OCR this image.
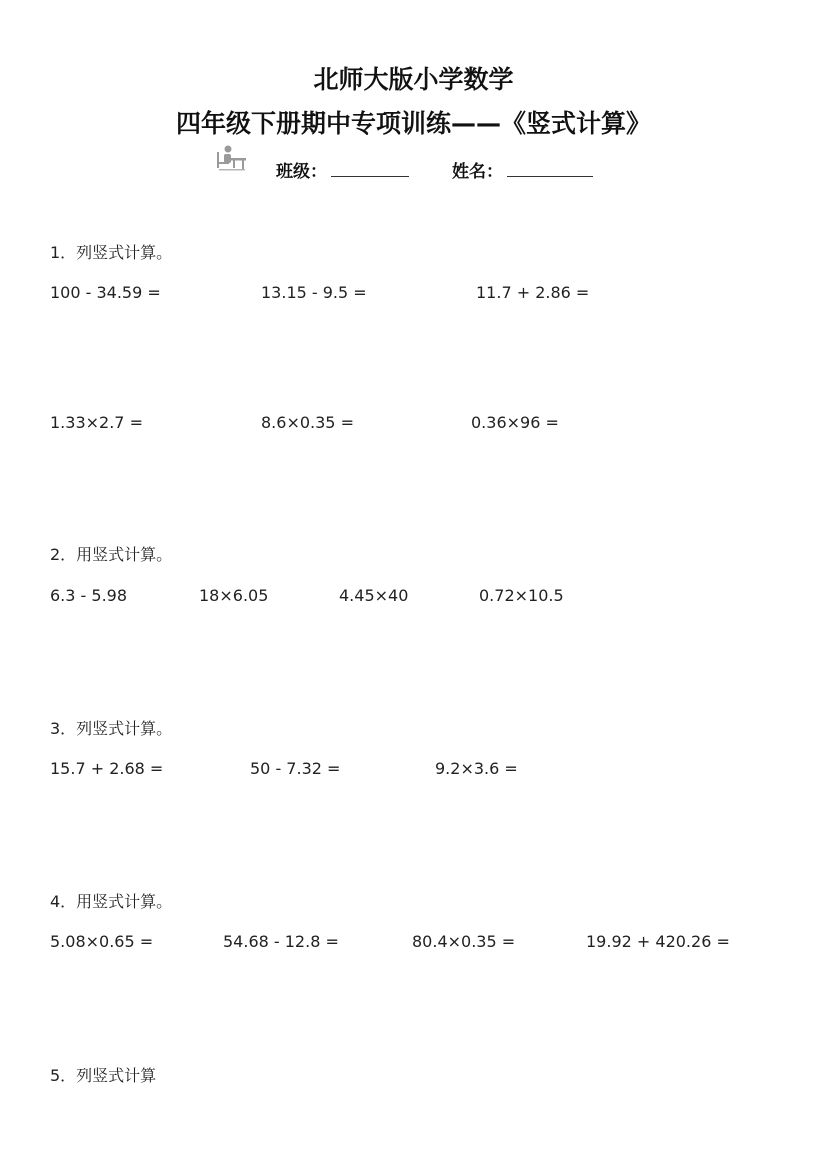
北师大版小学数学
四年级下册期中专项训练——《竖式计算》
班级：	姓名：

1．列竖式计算。

100 - 34.59 =	13.15 - 9.5 =	11.7 + 2.86 =
1.33×2.7 =	8.6×0.35 =	0.36×96 =

2．用竖式计算。

6.3 - 5.98	18×6.05	4.45×40	0.72×10.5

3．列竖式计算。

15.7 + 2.68 =	50 - 7.32 =	9.2×3.6 =

4．用竖式计算。

5.08×0.65 =	54.68 - 12.8 =	80.4×0.35 =	19.92 + 420.26 =

5．列竖式计算
